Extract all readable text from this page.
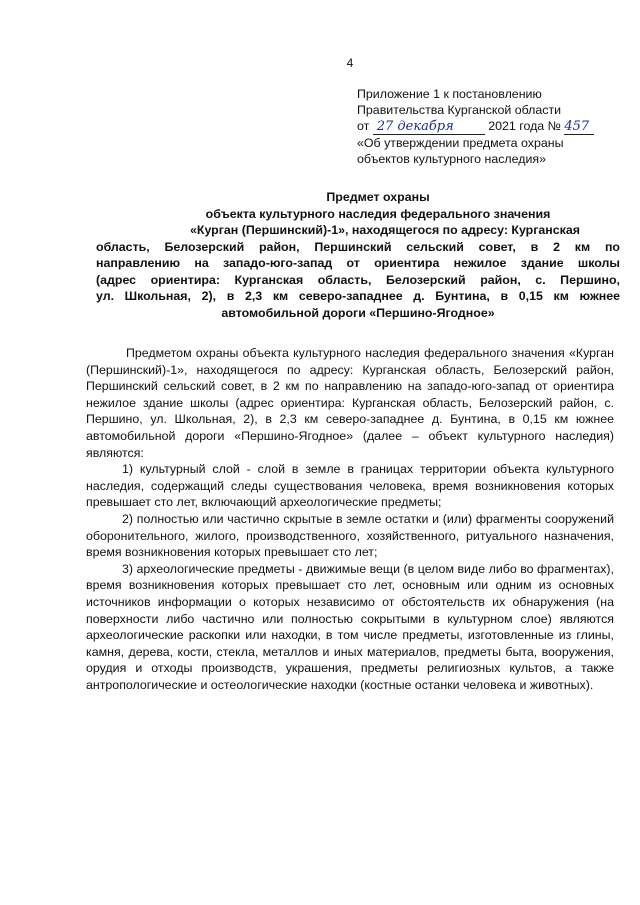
4
Приложение 1 к постановлению
Правительства Курганской области
от 27 декабря	2021 года № 457
«Об утверждении предмета охраны
объектов культурного наследия»
Предмет охраны
объекта культурного наследия федерального значения
«Курган (Першинский)-1», находящегося по адресу: Курганская
область, Белозерский район, Першинский сельский совет, в 2 км по
направлению на западо-юго-запад от ориентира нежилое здание школы
(адрес ориентира: Курганская область, Белозерский район, с. Першино,
ул. Школьная, 2), в 2,3 км северо-западнее д. Бунтина, в 0,15 км южнее
автомобильной дороги «Першино-Ягодное»

Предметом охраны объекта культурного наследия федерального значения «Курган (Першинский)-1», находящегося по адресу: Курганская область, Белозерский район, Першинский сельский совет, в 2 км по направлению на западо-юго-запад от ориентира нежилое здание школы (адрес ориентира: Курганская область, Белозерский район, с. Першино, ул. Школьная, 2), в 2,3 км северо-западнее д. Бунтина, в 0,15 км южнее автомобильной дороги «Першино-Ягодное» (далее – объект культурного наследия) являются:

1) культурный слой - слой в земле в границах территории объекта культурного наследия, содержащий следы существования человека, время возникновения которых превышает сто лет, включающий археологические предметы;

2) полностью или частично скрытые в земле остатки и (или) фрагменты сооружений оборонительного, жилого, производственного, хозяйственного, ритуального назначения, время возникновения которых превышает сто лет;

3) археологические предметы - движимые вещи (в целом виде либо во фрагментах), время возникновения которых превышает сто лет, основным или одним из основных источников информации о которых независимо от обстоятельств их обнаружения (на поверхности либо частично или полностью сокрытыми в культурном слое) являются археологические раскопки или находки, в том числе предметы, изготовленные из глины, камня, дерева, кости, стекла, металлов и иных материалов, предметы быта, вооружения, орудия и отходы производств, украшения, предметы религиозных культов, а также антропологические и остеологические находки (костные останки человека и животных).
